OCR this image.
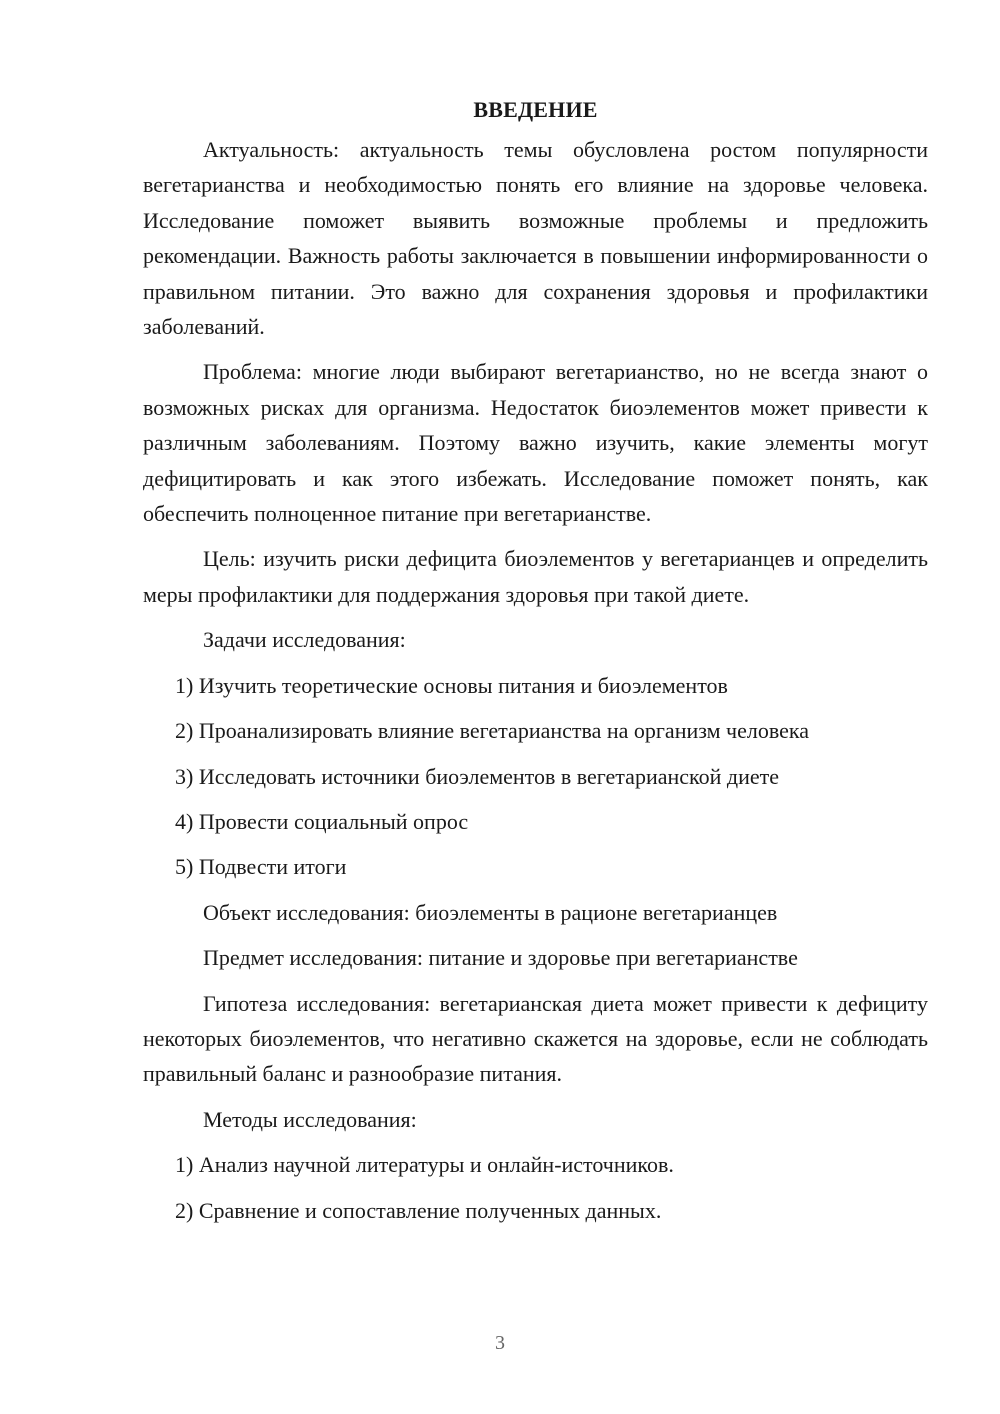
ВВЕДЕНИЕ

Актуальность: актуальность темы обусловлена ростом популярности вегетарианства и необходимостью понять его влияние на здоровье человека. Исследование поможет выявить возможные проблемы и предложить рекомендации. Важность работы заключается в повышении информированности о правильном питании. Это важно для сохранения здоровья и профилактики заболеваний.

Проблема: многие люди выбирают вегетарианство, но не всегда знают о возможных рисках для организма. Недостаток биоэлементов может привести к различным заболеваниям. Поэтому важно изучить, какие элементы могут дефицитировать и как этого избежать. Исследование поможет понять, как обеспечить полноценное питание при вегетарианстве.

Цель: изучить риски дефицита биоэлементов у вегетарианцев и определить меры профилактики для поддержания здоровья при такой диете.

Задачи исследования:

1) Изучить теоретические основы питания и биоэлементов
2) Проанализировать влияние вегетарианства на организм человека
3) Исследовать источники биоэлементов в вегетарианской диете
4) Провести социальный опрос
5) Подвести итоги

Объект исследования: биоэлементы в рационе вегетарианцев

Предмет исследования: питание и здоровье при вегетарианстве

Гипотеза исследования: вегетарианская диета может привести к дефициту некоторых биоэлементов, что негативно скажется на здоровье, если не соблюдать правильный баланс и разнообразие питания.

Методы исследования:

1) Анализ научной литературы и онлайн-источников.
2) Сравнение и сопоставление полученных данных.
3
